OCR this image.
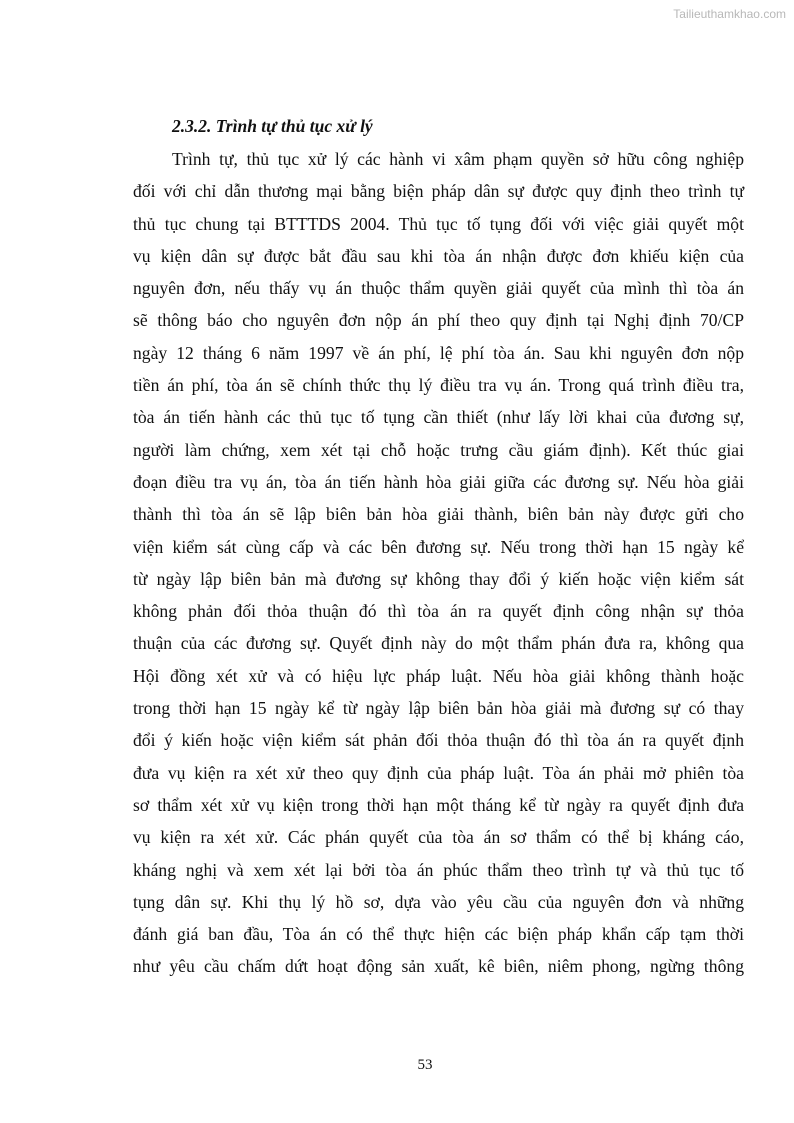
Tailieuthamkhao.com
2.3.2. Trình tự thủ tục xử lý
Trình tự, thủ tục xử lý các hành vi xâm phạm quyền sở hữu công nghiệp
đối với chỉ dẫn thương mại bằng biện pháp dân sự được quy định theo trình tự
thủ tục chung tại BTTTDS 2004. Thủ tục tố tụng đối với việc giải quyết một
vụ kiện dân sự được bắt đầu sau khi tòa án nhận được đơn khiếu kiện của
nguyên đơn, nếu thấy vụ án thuộc thẩm quyền giải quyết của mình thì tòa án
sẽ thông báo cho nguyên đơn nộp án phí theo quy định tại Nghị định 70/CP
ngày 12 tháng 6 năm 1997 về án phí, lệ phí tòa án. Sau khi nguyên đơn nộp
tiền án phí, tòa án sẽ chính thức thụ lý điều tra vụ án. Trong quá trình điều tra,
tòa án tiến hành các thủ tục tố tụng cần thiết (như lấy lời khai của đương sự,
người làm chứng, xem xét tại chỗ hoặc trưng cầu giám định). Kết thúc giai
đoạn điều tra vụ án, tòa án tiến hành hòa giải giữa các đương sự. Nếu hòa giải
thành thì tòa án sẽ lập biên bản hòa giải thành, biên bản này được gửi cho
viện kiểm sát cùng cấp và các bên đương sự. Nếu trong thời hạn 15 ngày kể
từ ngày lập biên bản mà đương sự không thay đổi ý kiến hoặc viện kiểm sát
không phản đối thỏa thuận đó thì tòa án ra quyết định công nhận sự thỏa
thuận của các đương sự. Quyết định này do một thẩm phán đưa ra, không qua
Hội đồng xét xử và có hiệu lực pháp luật. Nếu hòa giải không thành hoặc
trong thời hạn 15 ngày kể từ ngày lập biên bản hòa giải mà đương sự có thay
đổi ý kiến hoặc viện kiểm sát phản đối thỏa thuận đó thì tòa án ra quyết định
đưa vụ kiện ra xét xử theo quy định của pháp luật. Tòa án phải mở phiên tòa
sơ thẩm xét xử vụ kiện trong thời hạn một tháng kể từ ngày ra quyết định đưa
vụ kiện ra xét xử. Các phán quyết của tòa án sơ thẩm có thể bị kháng cáo,
kháng nghị và xem xét lại bởi tòa án phúc thẩm theo trình tự và thủ tục tố
tụng dân sự. Khi thụ lý hồ sơ, dựa vào yêu cầu của nguyên đơn và những
đánh giá ban đầu, Tòa án có thể thực hiện các biện pháp khẩn cấp tạm thời
như yêu cầu chấm dứt hoạt động sản xuất, kê biên, niêm phong, ngừng thông
53
